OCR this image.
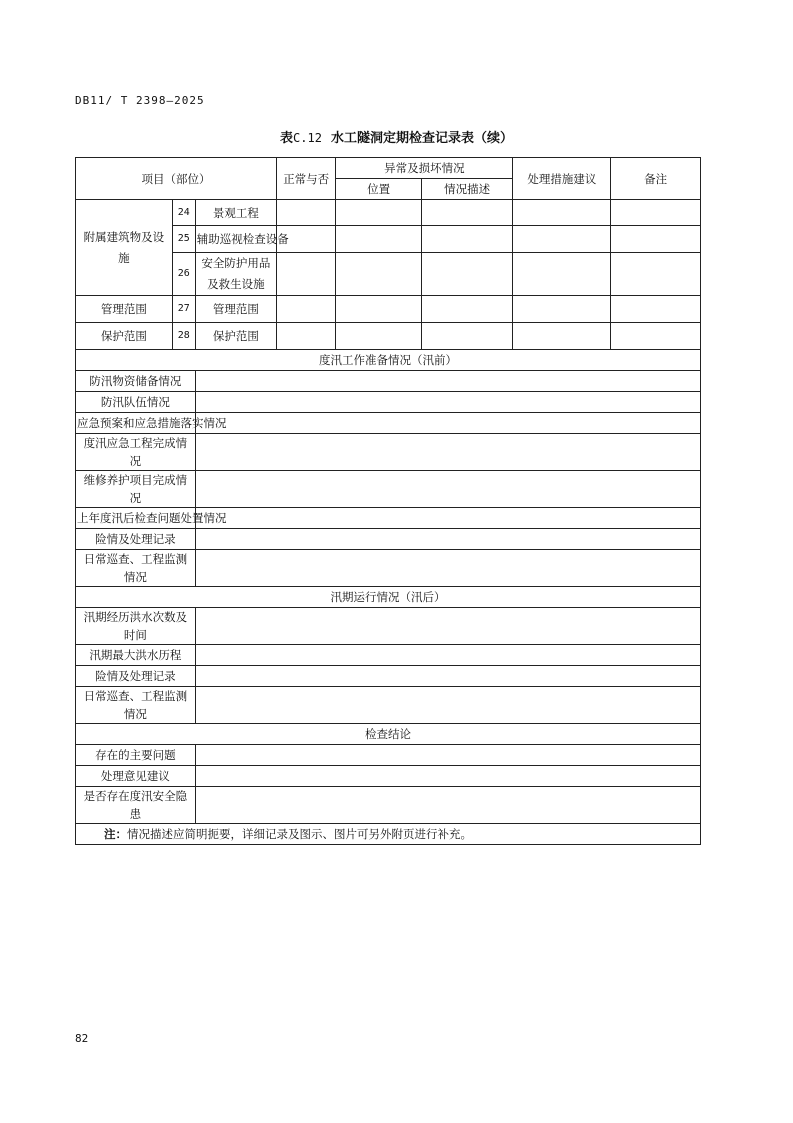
DB11/ T 2398—2025
表C.12 水工隧洞定期检查记录表（续）
项目（部位）			正常与否	异常及损坏情况		处理措施建议	备注
				位置	情况描述		
附属建筑物及设施	24	景观工程					
	25	辅助巡视检查设备					
	26	安全防护用品及救生设施					
管理范围	27	管理范围					
保护范围	28	保护范围					
度汛工作准备情况（汛前）							
防汛物资储备情况							
防汛队伍情况							
应急预案和应急措施落实情况							
度汛应急工程完成情况							
维修养护项目完成情况							
上年度汛后检查问题处置情况							
险情及处理记录							
日常巡查、工程监测情况							
汛期运行情况（汛后）							
汛期经历洪水次数及时间							
汛期最大洪水历程							
险情及处理记录							
日常巡查、工程监测情况							
检查结论							
存在的主要问题							
处理意见建议							
是否存在度汛安全隐患							
注：情况描述应简明扼要，详细记录及图示、图片可另外附页进行补充。							
82
